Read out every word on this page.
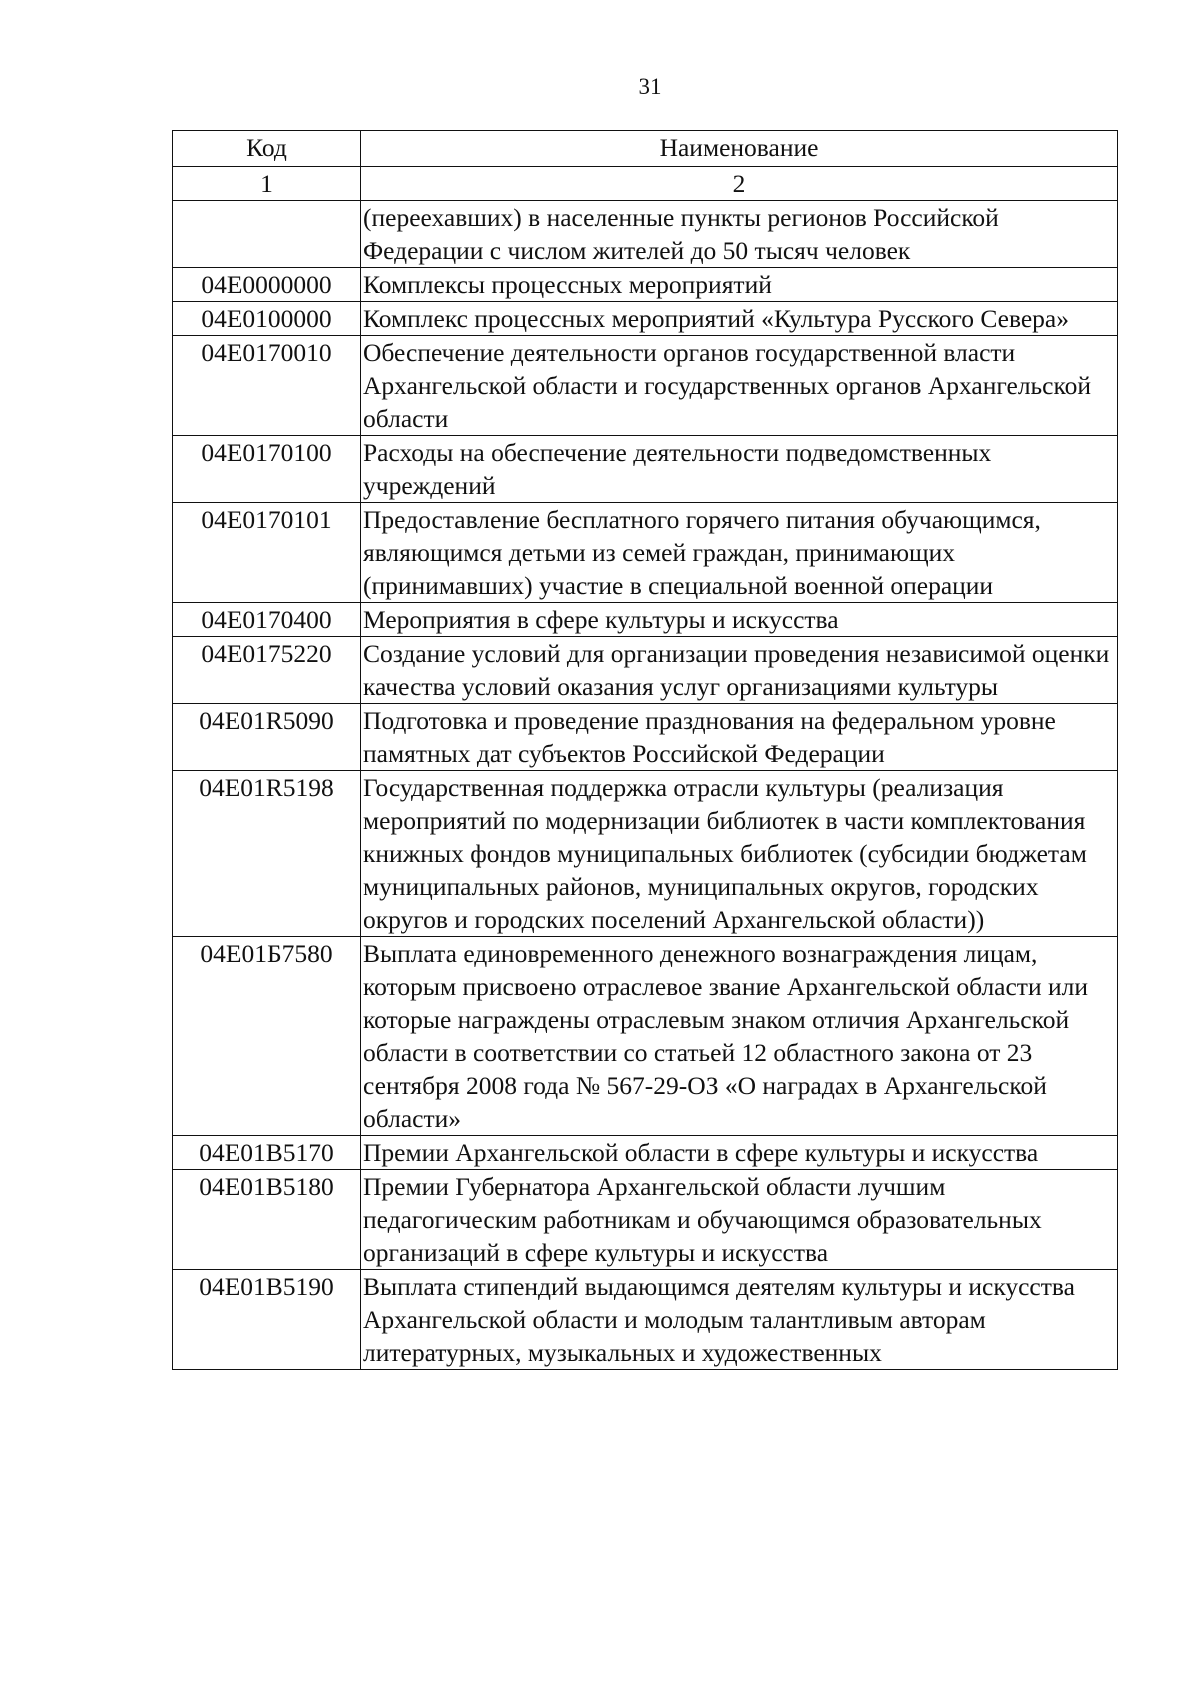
31
Код	Наименование
1	2
	(переехавших) в населенные пункты регионов Российской Федерации с числом жителей до 50 тысяч человек
04Е0000000	Комплексы процессных мероприятий
04Е0100000	Комплекс процессных мероприятий «Культура Русского Севера»
04Е0170010	Обеспечение деятельности органов государственной власти Архангельской области и государственных органов Архангельской области
04Е0170100	Расходы на обеспечение деятельности подведомственных учреждений
04Е0170101	Предоставление бесплатного горячего питания обучающимся, являющимся детьми из семей граждан, принимающих (принимавших) участие в специальной военной операции
04Е0170400	Мероприятия в сфере культуры и искусства
04Е0175220	Создание условий для организации проведения независимой оценки качества условий оказания услуг организациями культуры
04Е01R5090	Подготовка и проведение празднования на федеральном уровне памятных дат субъектов Российской Федерации
04Е01R5198	Государственная поддержка отрасли культуры (реализация мероприятий по модернизации библиотек в части комплектования книжных фондов муниципальных библиотек (субсидии бюджетам муниципальных районов, муниципальных округов, городских округов и городских поселений Архангельской области))
04Е01Б7580	Выплата единовременного денежного вознаграждения лицам, которым присвоено отраслевое звание Архангельской области или которые награждены отраслевым знаком отличия Архангельской области в соответствии со статьей 12 областного закона от 23 сентября 2008 года № 567-29-ОЗ «О наградах в Архангельской области»
04Е01В5170	Премии Архангельской области в сфере культуры и искусства
04Е01В5180	Премии Губернатора Архангельской области лучшим педагогическим работникам и обучающимся образовательных организаций в сфере культуры и искусства
04Е01В5190	Выплата стипендий выдающимся деятелям культуры и искусства Архангельской области и молодым талантливым авторам литературных, музыкальных и художественных
